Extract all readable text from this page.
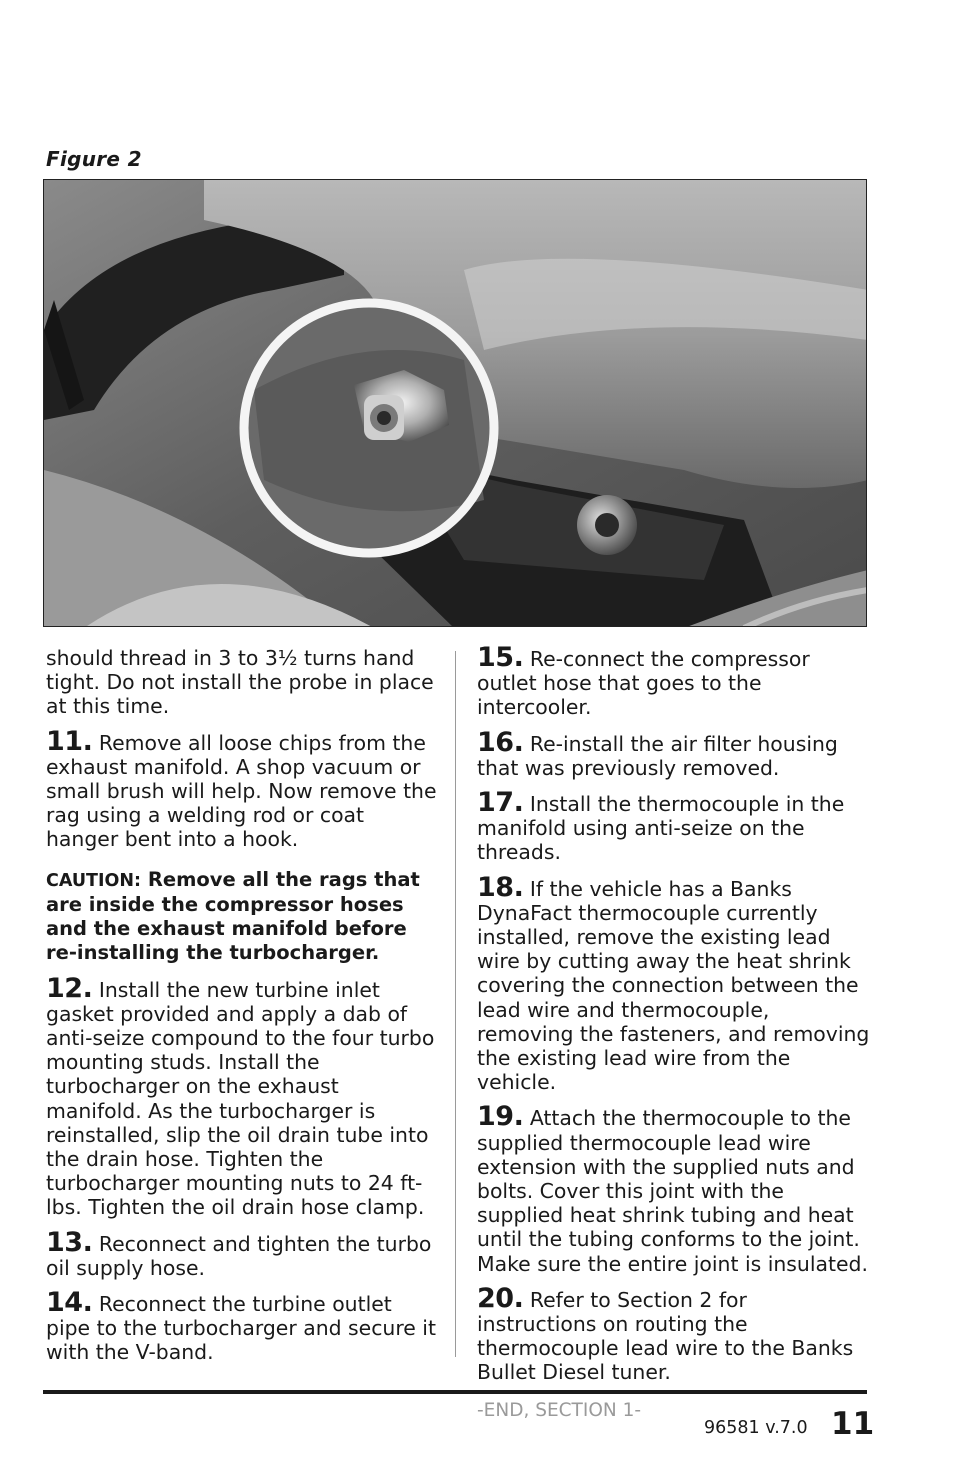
Figure 2

should thread in 3 to 3½ turns hand tight. Do not install the probe in place at this time.

11. Remove all loose chips from the exhaust manifold. A shop vacuum or small brush will help. Now remove the rag using a welding rod or coat hanger bent into a hook.

CAUTION: Remove all the rags that are inside the compressor hoses and the exhaust manifold before re-installing the turbocharger.

12. Install the new turbine inlet gasket provided and apply a dab of anti-seize compound to the four turbo mounting studs. Install the turbocharger on the exhaust manifold. As the turbocharger is reinstalled, slip the oil drain tube into the drain hose. Tighten the turbocharger mounting nuts to 24 ft-lbs. Tighten the oil drain hose clamp.

13. Reconnect and tighten the turbo oil supply hose.

14. Reconnect the turbine outlet pipe to the turbocharger and secure it with the V-band.

15. Re-connect the compressor outlet hose that goes to the intercooler.

16. Re-install the air filter housing that was previously removed.

17. Install the thermocouple in the manifold using anti-seize on the threads.

18. If the vehicle has a Banks DynaFact thermocouple currently installed, remove the existing lead wire by cutting away the heat shrink covering the connection between the lead wire and thermocouple, removing the fasteners, and removing the existing lead wire from the vehicle.

19. Attach the thermocouple to the supplied thermocouple lead wire extension with the supplied nuts and bolts. Cover this joint with the supplied heat shrink tubing and heat until the tubing conforms to the joint. Make sure the entire joint is insulated.

20. Refer to Section 2 for instructions on routing the thermocouple lead wire to the Banks Bullet Diesel tuner.

-END, SECTION 1-

96581 v.7.0 11
